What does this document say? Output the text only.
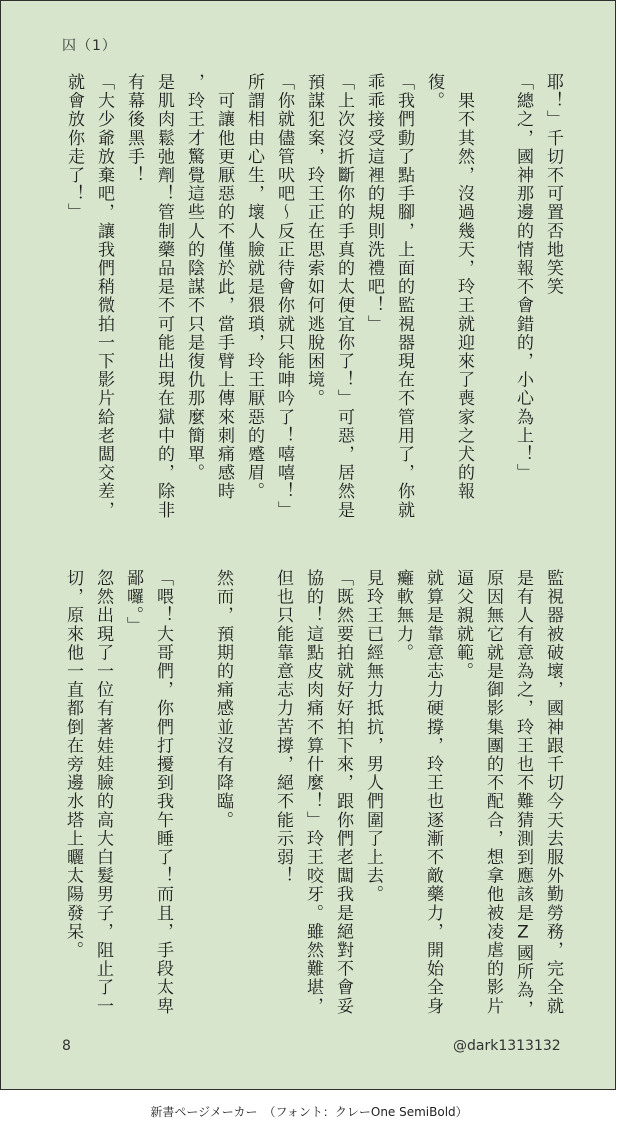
囚（1）
耶！」千切不可置否地笑笑
「總之，國神那邊的情報不會錯的，小心為上！」
　果不其然，沒過幾天，玲王就迎來了喪家之犬的報
復。
「我們動了點手腳，上面的監視器現在不管用了，你就
乖乖接受這裡的規則洗禮吧！」
「上次沒折斷你的手真的太便宜你了！」可惡，居然是
預謀犯案，玲王正在思索如何逃脫困境。
「你就儘管吠吧～反正待會你就只能呻吟了！嘻嘻！」
所謂相由心生，壞人臉就是猥瑣，玲王厭惡的蹙眉。
　可讓他更厭惡的不僅於此，當手臂上傳來刺痛感時
，玲王才驚覺這些人的陰謀不只是復仇那麼簡單。
是肌肉鬆弛劑！管制藥品是不可能出現在獄中的，除非
有幕後黑手！
「大少爺放棄吧，讓我們稍微拍一下影片給老闆交差，
就會放你走了！」
監視器被破壞，國神跟千切今天去服外勤勞務，完全就
是有人有意為之，玲王也不難猜測到應該是Z國所為，
原因無它就是御影集團的不配合，想拿他被凌虐的影片
逼父親就範。
就算是靠意志力硬撐，玲王也逐漸不敵藥力，開始全身
癱軟無力。
見玲王已經無力抵抗，男人們圍了上去。
「既然要拍就好好拍下來，跟你們老闆我是絕對不會妥
協的！這點皮肉痛不算什麼！」玲王咬牙。雖然難堪，
但也只能靠意志力苦撐，絕不能示弱！
然而，預期的痛感並沒有降臨。
「喂！大哥們，你們打擾到我午睡了！而且，手段太卑
鄙囉。」
忽然出現了一位有著娃娃臉的高大白髮男子，阻止了一
切，原來他一直都倒在旁邊水塔上曬太陽發呆。
8	@dark1313132
新書ページメーカー　（フォント：クレーOne SemiBold）
